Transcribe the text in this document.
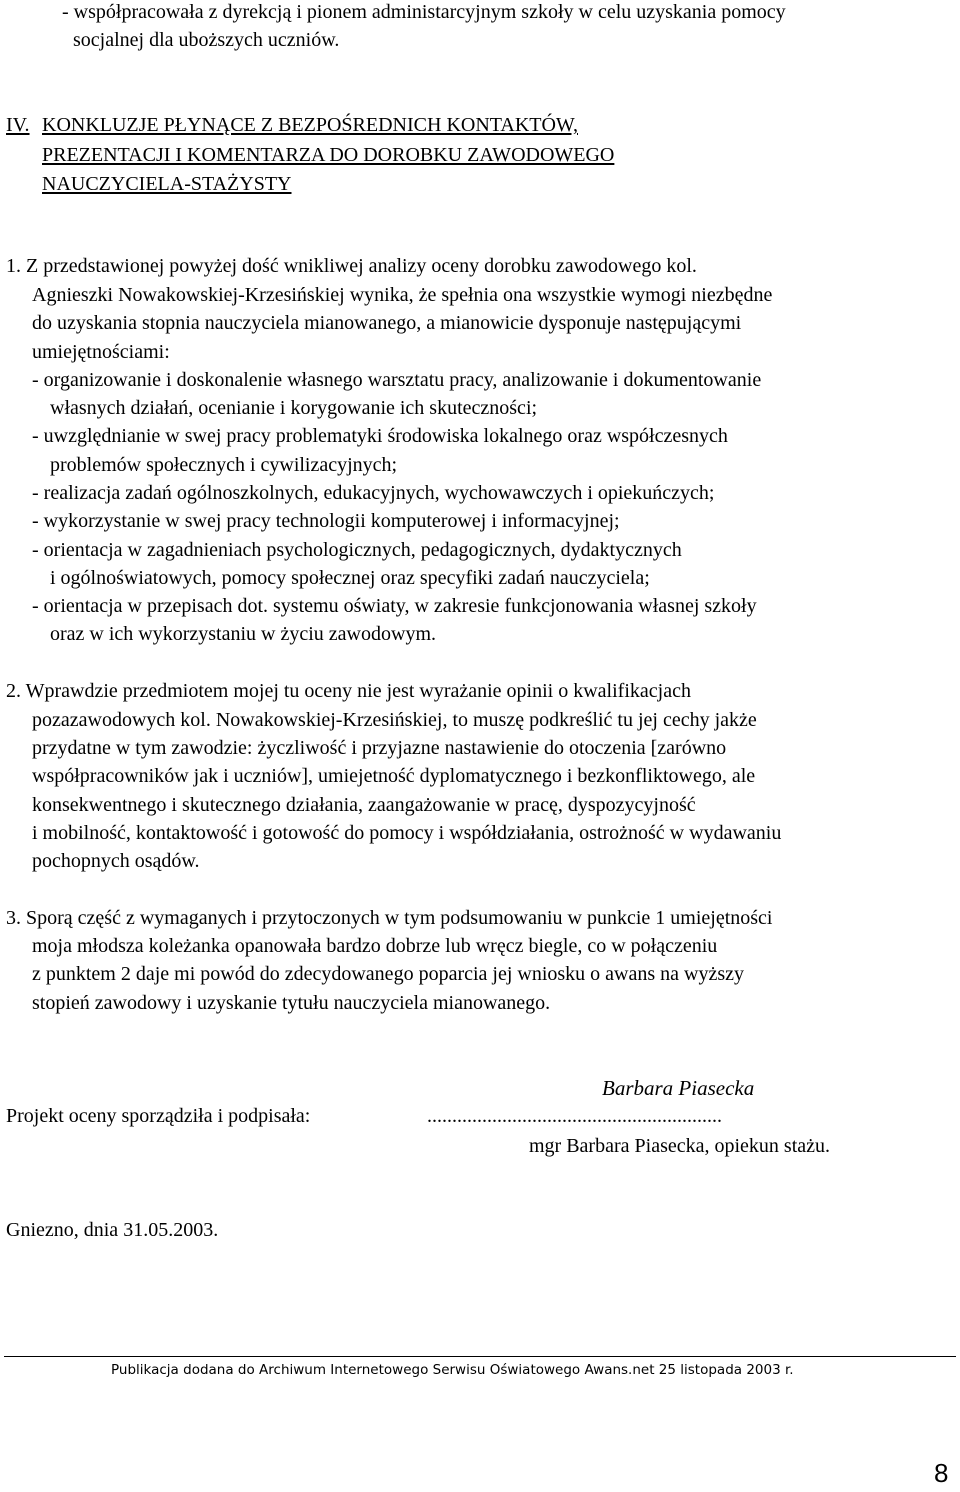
- współpracowała z dyrekcją i pionem administarcyjnym szkoły w celu uzyskania pomocy
socjalnej dla uboższych uczniów.
IV. KONKLUZJE PŁYNĄCE Z BEZPOŚREDNICH KONTAKTÓW,
PREZENTACJI I KOMENTARZA DO DOROBKU ZAWODOWEGO
NAUCZYCIELA-STAŻYSTY
1. Z przedstawionej powyżej dość wnikliwej analizy oceny dorobku zawodowego kol.
Agnieszki Nowakowskiej-Krzesińskiej wynika, że spełnia ona wszystkie wymogi niezbędne
do uzyskania stopnia nauczyciela mianowanego, a mianowicie dysponuje następującymi
umiejętnościami:
- organizowanie i doskonalenie własnego warsztatu pracy, analizowanie i dokumentowanie
własnych działań, ocenianie i korygowanie ich skuteczności;
- uwzględnianie w swej pracy problematyki środowiska lokalnego oraz współczesnych
problemów społecznych i cywilizacyjnych;
- realizacja zadań ogólnoszkolnych, edukacyjnych, wychowawczych i opiekuńczych;
- wykorzystanie w swej pracy technologii komputerowej i informacyjnej;
- orientacja w zagadnieniach psychologicznych, pedagogicznych, dydaktycznych
i ogólnoświatowych, pomocy społecznej oraz specyfiki zadań nauczyciela;
- orientacja w przepisach dot. systemu oświaty, w zakresie funkcjonowania własnej szkoły
oraz w ich wykorzystaniu w życiu zawodowym.
2. Wprawdzie przedmiotem mojej tu oceny nie jest wyrażanie opinii o kwalifikacjach
pozazawodowych kol. Nowakowskiej-Krzesińskiej, to muszę podkreślić tu jej cechy jakże
przydatne w tym zawodzie: życzliwość i przyjazne nastawienie do otoczenia [zarówno
współpracowników jak i uczniów], umiejetność dyplomatycznego i bezkonfliktowego, ale
konsekwentnego i skutecznego działania, zaangażowanie w pracę, dyspozycyjność
i mobilność, kontaktowość i gotowość do pomocy i współdziałania, ostrożność w wydawaniu
pochopnych osądów.
3. Sporą część z wymaganych i przytoczonych w tym podsumowaniu w punkcie 1 umiejętności
moja młodsza koleżanka opanowała bardzo dobrze lub wręcz biegle, co w połączeniu
z punktem 2 daje mi powód do zdecydowanego poparcia jej wniosku o awans na wyższy
stopień zawodowy i uzyskanie tytułu nauczyciela mianowanego.
Barbara Piasecka
Projekt oceny sporządziła i podpisała:	...........................................................
mgr Barbara Piasecka, opiekun stażu.
Gniezno, dnia 31.05.2003.
Publikacja dodana do Archiwum Internetowego Serwisu Oświatowego Awans.net 25 listopada 2003 r.
8
